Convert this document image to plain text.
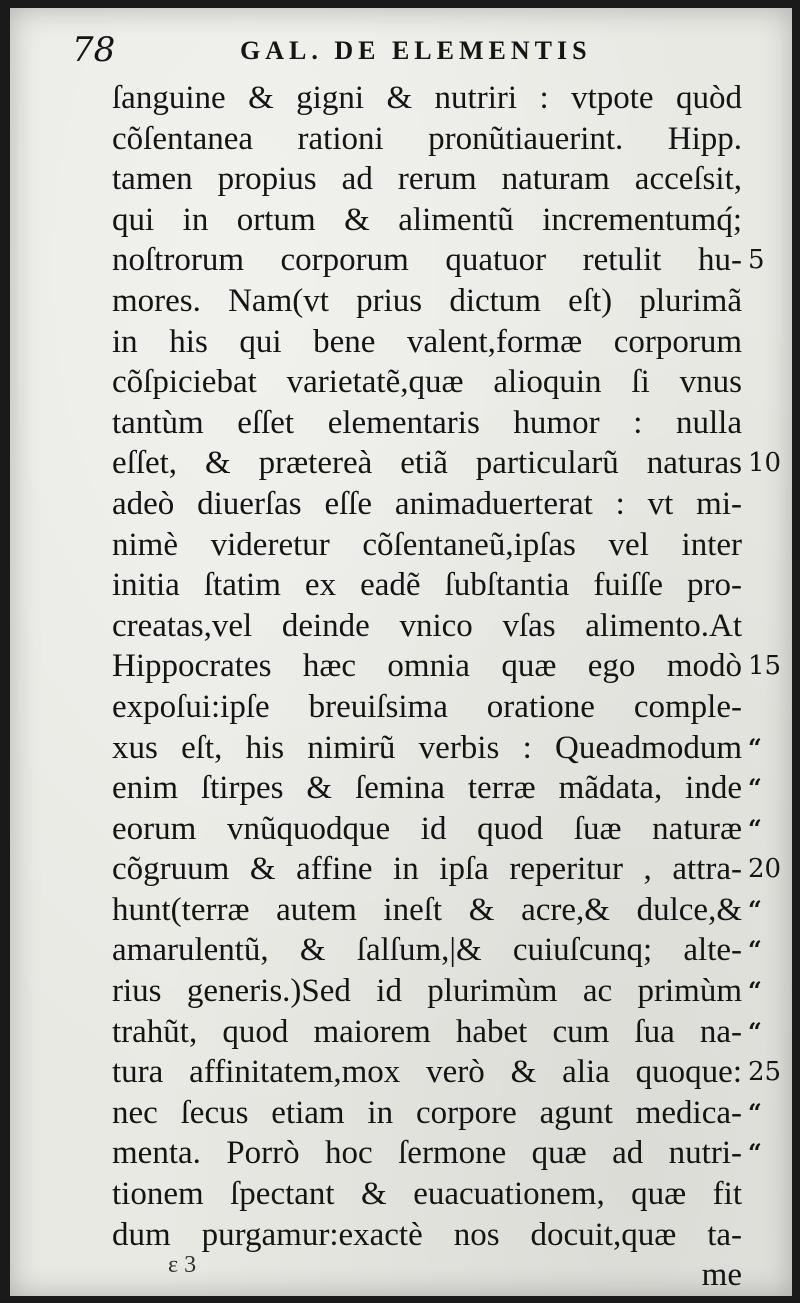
78	GAL. DE ELEMENTIS
ſanguine & gigni & nutriri : vtpote quòd
cõſentanea rationi pronũtiauerint. Hipp.
tamen propius ad rerum naturam acceſsit,
qui in ortum & alimentũ incrementumq́;
noſtrorum corporum quatuor retulit hu- 5
mores. Nam(vt prius dictum eſt) plurimã
in his qui bene valent,formæ corporum
cõſpiciebat varietatẽ,quæ alioquin ſi vnus
tantùm eſſet elementaris humor : nulla
eſſet, & prætereà etiã particularũ naturas 10
adeò diuerſas eſſe animaduerterat : vt mi-
nimè videretur cõſentaneũ,ipſas vel inter
initia ſtatim ex eadẽ ſubſtantia fuiſſe pro-
creatas,vel deinde vnico vſas alimento.At
Hippocrates hæc omnia quæ ego modò 15
expoſui:ipſe breuiſsima oratione comple-
xus eſt, his nimirũ verbis : Queadmodum “
enim ſtirpes & ſemina terræ mãdata, inde “
eorum vnũquodque id quod ſuæ naturæ “
cõgruum & affine in ipſa reperitur , attra- 20
hunt(terræ autem ineſt & acre,& dulce,& “
amarulentũ, & ſalſum,|& cuiuſcunq; alte- “
rius generis.)Sed id plurimùm ac primùm “
trahũt, quod maiorem habet cum ſua na- “
tura affinitatem,mox verò & alia quoque: 25
nec ſecus etiam in corpore agunt medica- “
menta. Porrò hoc ſermone quæ ad nutri- “
tionem ſpectant & euacuationem, quæ fit
dum purgamur:exactè nos docuit,quæ ta-
me
ε 3
